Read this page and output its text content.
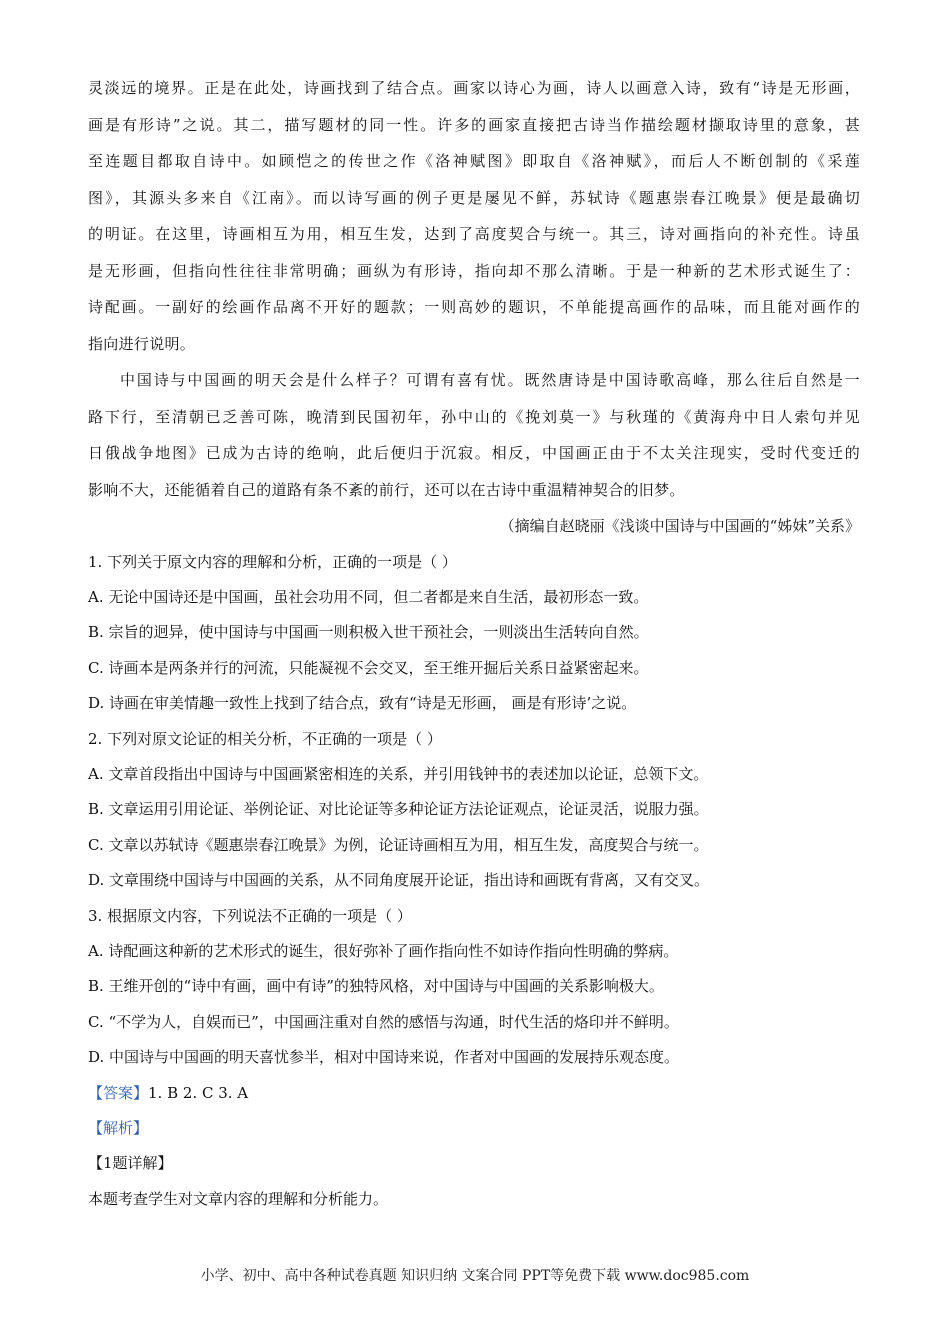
灵淡远的境界。正是在此处，诗画找到了结合点。画家以诗心为画，诗人以画意入诗，致有“诗是无形画，

画是有形诗”之说。其二，描写题材的同一性。许多的画家直接把古诗当作描绘题材撷取诗里的意象，甚

至连题目都取自诗中。如顾恺之的传世之作《洛神赋图》即取自《洛神赋》，而后人不断创制的《采莲

图》，其源头多来自《江南》。而以诗写画的例子更是屡见不鲜，苏轼诗《题惠崇春江晚景》便是最确切

的明证。在这里，诗画相互为用，相互生发，达到了高度契合与统一。其三，诗对画指向的补充性。诗虽

是无形画，但指向性往往非常明确；画纵为有形诗，指向却不那么清晰。于是一种新的艺术形式诞生了：

诗配画。一副好的绘画作品离不开好的题款；一则高妙的题识，不单能提高画作的品味，而且能对画作的

指向进行说明。

中国诗与中国画的明天会是什么样子？可谓有喜有忧。既然唐诗是中国诗歌高峰，那么往后自然是一

路下行，至清朝已乏善可陈，晚清到民国初年，孙中山的《挽刘莫一》与秋瑾的《黄海舟中日人索句并见

日俄战争地图》已成为古诗的绝响，此后便归于沉寂。相反，中国画正由于不太关注现实，受时代变迁的

影响不大，还能循着自己的道路有条不紊的前行，还可以在古诗中重温精神契合的旧梦。

（摘编自赵晓丽《浅谈中国诗与中国画的“姊妹”关系》

1. 下列关于原文内容的理解和分析，正确的一项是（ ）

A. 无论中国诗还是中国画，虽社会功用不同，但二者都是来自生活，最初形态一致。

B. 宗旨的迥异，使中国诗与中国画一则积极入世干预社会，一则淡出生活转向自然。

C. 诗画本是两条并行的河流，只能凝视不会交叉，至王维开掘后关系日益紧密起来。

D. 诗画在审美情趣一致性上找到了结合点，致有“诗是无形画， 画是有形诗’之说。

2. 下列对原文论证的相关分析，不正确的一项是（ ）

A. 文章首段指出中国诗与中国画紧密相连的关系，并引用钱钟书的表述加以论证，总领下文。

B. 文章运用引用论证、举例论证、对比论证等多种论证方法论证观点，论证灵活，说服力强。

C. 文章以苏轼诗《题惠崇春江晚景》为例，论证诗画相互为用，相互生发，高度契合与统一。

D. 文章围绕中国诗与中国画的关系，从不同角度展开论证，指出诗和画既有背离，又有交叉。

3. 根据原文内容，下列说法不正确的一项是（ ）

A. 诗配画这种新的艺术形式的诞生，很好弥补了画作指向性不如诗作指向性明确的弊病。

B. 王维开创的“诗中有画，画中有诗”的独特风格，对中国诗与中国画的关系影响极大。

C. “不学为人，自娱而已”，中国画注重对自然的感悟与沟通，时代生活的烙印并不鲜明。

D. 中国诗与中国画的明天喜忧参半，相对中国诗来说，作者对中国画的发展持乐观态度。

【答案】1. B 2. C 3. A

【解析】

【1题详解】

本题考查学生对文章内容的理解和分析能力。

小学、初中、高中各种试卷真题 知识归纳 文案合同 PPT等免费下载 www.doc985.com
